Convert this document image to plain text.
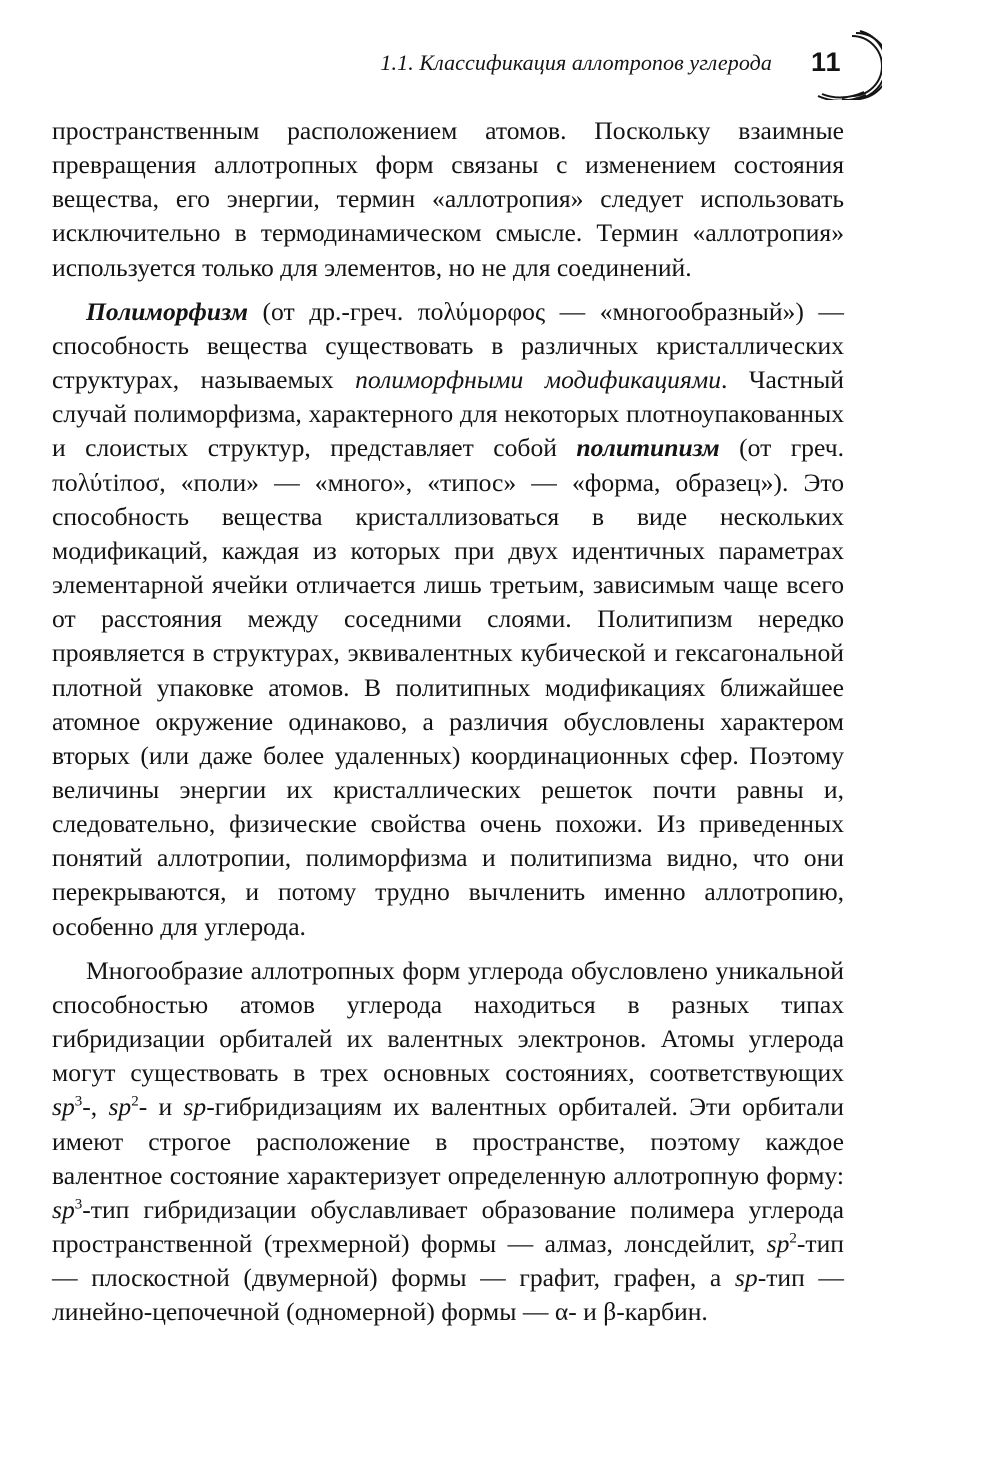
1.1. Классификация аллотропов углерода 11

пространственным расположением атомов. Поскольку взаимные превращения аллотропных форм связаны с изменением состояния вещества, его энергии, термин «аллотропия» следует использовать исключительно в термодинамическом смысле. Термин «аллотропия» используется только для элементов, но не для соединений.

Полиморфизм (от др.-греч. πολύμορφος — «многообразный») — способность вещества существовать в различных кристаллических структурах, называемых полиморфными модификациями. Частный случай полиморфизма, характерного для некоторых плотноупакованных и слоистых структур, представляет собой политипизм (от греч. πολύτiποσ, «поли» — «много», «типос» — «форма, образец»). Это способность вещества кристаллизоваться в виде нескольких модификаций, каждая из которых при двух идентичных параметрах элементарной ячейки отличается лишь третьим, зависимым чаще всего от расстояния между соседними слоями. Политипизм нередко проявляется в структурах, эквивалентных кубической и гексагональной плотной упаковке атомов. В политипных модификациях ближайшее атомное окружение одинаково, а различия обусловлены характером вторых (или даже более удаленных) координационных сфер. Поэтому величины энергии их кристаллических решеток почти равны и, следовательно, физические свойства очень похожи. Из приведенных понятий аллотропии, полиморфизма и политипизма видно, что они перекрываются, и потому трудно вычленить именно аллотропию, особенно для углерода.

Многообразие аллотропных форм углерода обусловлено уникальной способностью атомов углерода находиться в разных типах гибридизации орбиталей их валентных электронов. Атомы углерода могут существовать в трех основных состояниях, соответствующих $sp^3-$, $sp^2-$ и sp-гибридизациям их валентных орбиталей. Эти орбитали имеют строгое расположение в пространстве, поэтому каждое валентное состояние характеризует определенную аллотропную форму: $sp^3$-тип гибридизации обуславливает образование полимера углерода пространственной (трехмерной) формы — алмаз, лонсдейлит, $sp^2$-тип — плоскостной (двумерной) формы — графит, графен, а sp-тип — линейно-цепочечной (одномерной) формы — α- и β-карбин.
